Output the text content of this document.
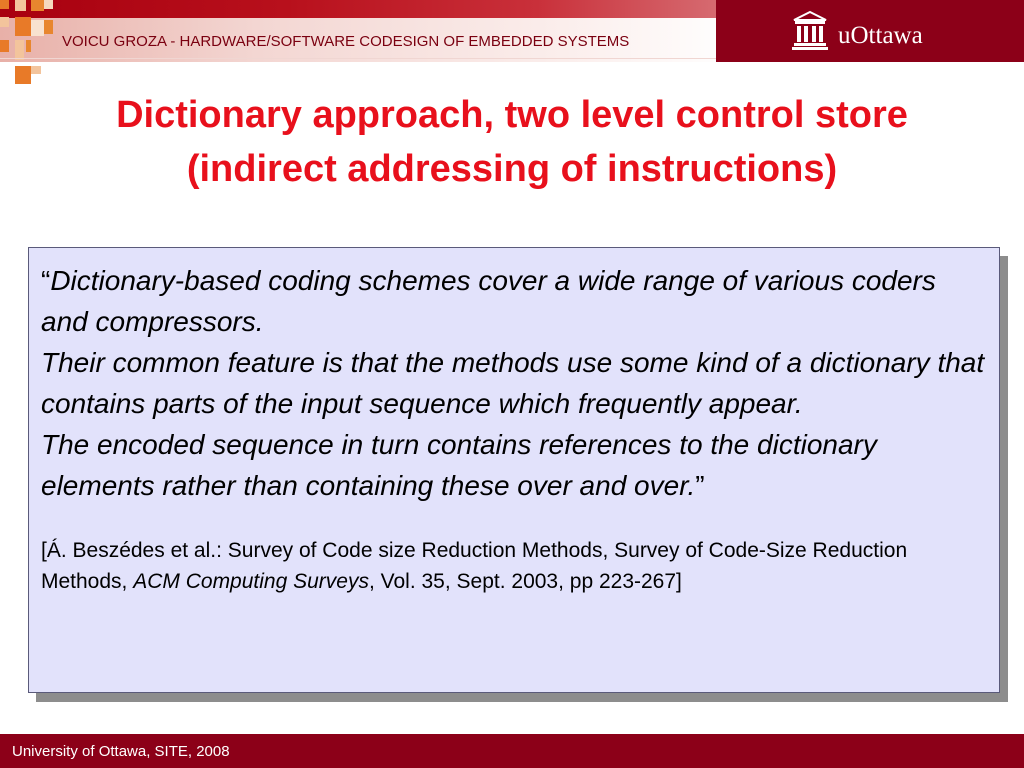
VOICU GROZA - HARDWARE/SOFTWARE CODESIGN OF EMBEDDED SYSTEMS	uOttawa
Dictionary approach, two level control store
(indirect addressing of instructions)
“Dictionary-based coding schemes cover a wide range of various coders and compressors.
Their common feature is that the methods use some kind of a dictionary that contains parts of the input sequence which frequently appear.
The encoded sequence in turn contains references to the dictionary elements rather than containing these over and over.”
[Á. Beszédes et al.: Survey of Code size Reduction Methods, Survey of Code-Size Reduction Methods, ACM Computing Surveys, Vol. 35, Sept. 2003, pp 223-267]
University of Ottawa, SITE, 2008
